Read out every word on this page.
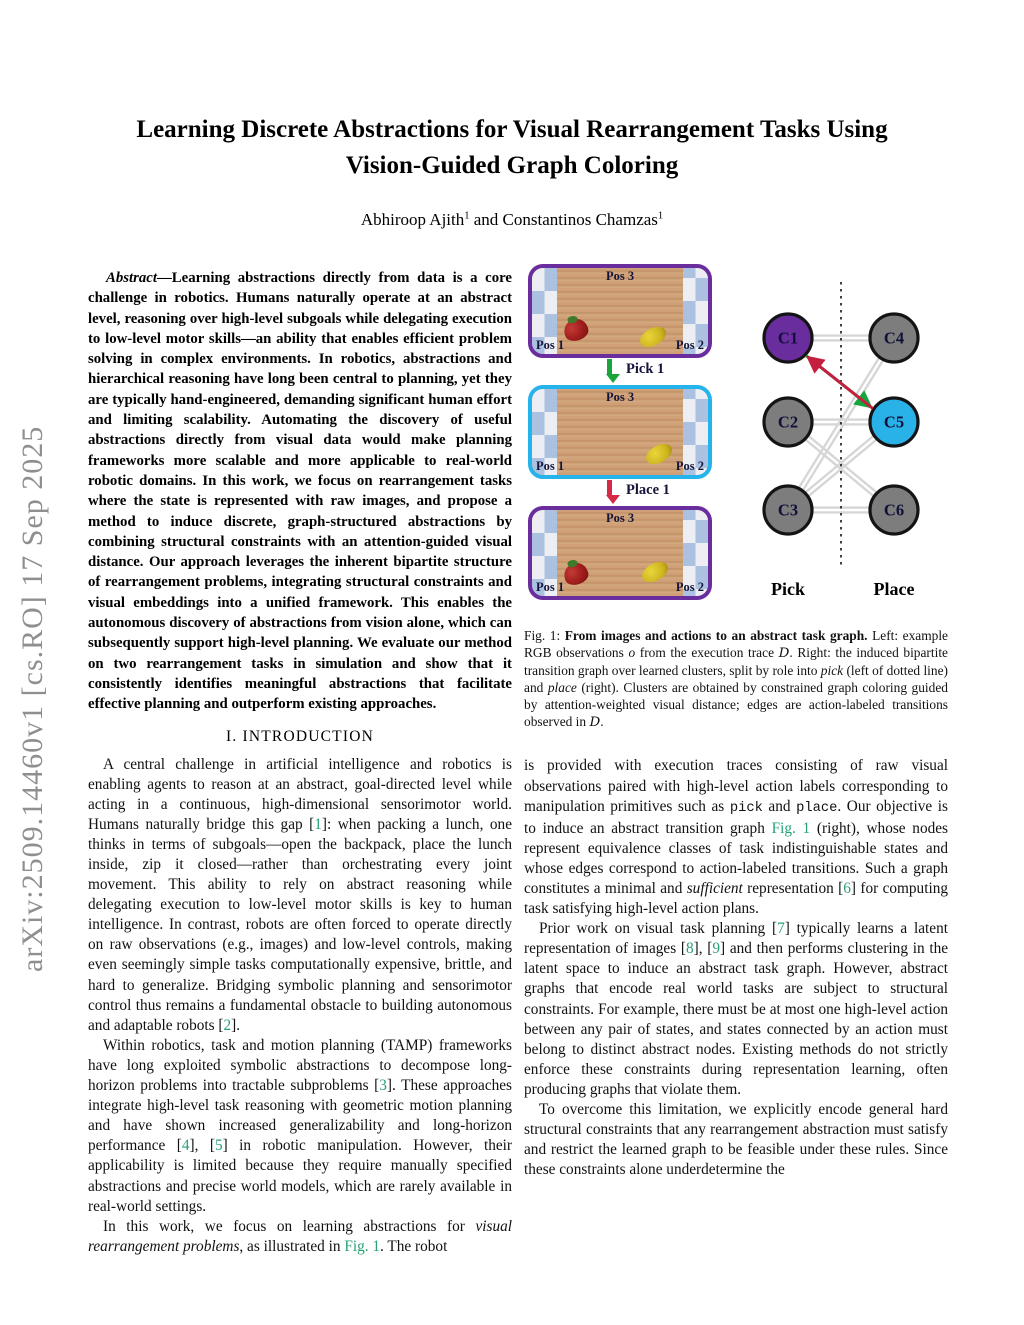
arXiv:2509.14460v1 [cs.RO] 17 Sep 2025
Learning Discrete Abstractions for Visual Rearrangement Tasks Using Vision-Guided Graph Coloring
Abhiroop Ajith$^1$ and Constantinos Chamzas$^1$

Abstract—Learning abstractions directly from data is a core challenge in robotics. Humans naturally operate at an abstract level, reasoning over high-level subgoals while delegating execution to low-level motor skills—an ability that enables efficient problem solving in complex environments. In robotics, abstractions and hierarchical reasoning have long been central to planning, yet they are typically hand-engineered, demanding significant human effort and limiting scalability. Automating the discovery of useful abstractions directly from visual data would make planning frameworks more scalable and more applicable to real-world robotic domains. In this work, we focus on rearrangement tasks where the state is represented with raw images, and propose a method to induce discrete, graph-structured abstractions by combining structural constraints with an attention-guided visual distance. Our approach leverages the inherent bipartite structure of rearrangement problems, integrating structural constraints and visual embeddings into a unified framework. This enables the autonomous discovery of abstractions from vision alone, which can subsequently support high-level planning. We evaluate our method on two rearrangement tasks in simulation and show that it consistently identifies meaningful abstractions that facilitate effective planning and outperform existing approaches.

I. INTRODUCTION

A central challenge in artificial intelligence and robotics is enabling agents to reason at an abstract, goal-directed level while acting in a continuous, high-dimensional sensorimotor world. Humans naturally bridge this gap [1]: when packing a lunch, one thinks in terms of subgoals—open the backpack, place the lunch inside, zip it closed—rather than orchestrating every joint movement. This ability to rely on abstract reasoning while delegating execution to low-level motor skills is key to human intelligence. In contrast, robots are often forced to operate directly on raw observations (e.g., images) and low-level controls, making even seemingly simple tasks computationally expensive, brittle, and hard to generalize. Bridging symbolic planning and sensorimotor control thus remains a fundamental obstacle to building autonomous and adaptable robots [2].

Within robotics, task and motion planning (TAMP) frameworks have long exploited symbolic abstractions to decompose long-horizon problems into tractable subproblems [3]. These approaches integrate high-level task reasoning with geometric motion planning and have shown increased generalizability and long-horizon performance [4], [5] in robotic manipulation. However, their applicability is limited because they require manually specified abstractions and precise world models, which are rarely available in real-world settings.

In this work, we focus on learning abstractions for visual rearrangement problems, as illustrated in Fig. 1. The robot

Pos 3
Pos 1	Pos 2
Pick 1
Pos 3
Pos 1	Pos 2
Place 1
Pos 3
Pos 1	Pos 2
C1
C2
C3
C4
C5
C6
Pick	Place

Fig. 1: From images and actions to an abstract task graph. Left: example RGB observations o from the execution trace D. Right: the induced bipartite transition graph over learned clusters, split by role into pick (left of dotted line) and place (right). Clusters are obtained by constrained graph coloring guided by attention-weighted visual distance; edges are action-labeled transitions observed in D.

is provided with execution traces consisting of raw visual observations paired with high-level action labels corresponding to manipulation primitives such as pick and place. Our objective is to induce an abstract transition graph Fig. 1 (right), whose nodes represent equivalence classes of task indistinguishable states and whose edges correspond to action-labeled transitions. Such a graph constitutes a minimal and sufficient representation [6] for computing task satisfying high-level action plans.

Prior work on visual task planning [7] typically learns a latent representation of images [8], [9] and then performs clustering in the latent space to induce an abstract task graph. However, abstract graphs that encode real world tasks are subject to structural constraints. For example, there must be at most one high-level action between any pair of states, and states connected by an action must belong to distinct abstract nodes. Existing methods do not strictly enforce these constraints during representation learning, often producing graphs that violate them.

To overcome this limitation, we explicitly encode general hard structural constraints that any rearrangement abstraction must satisfy and restrict the learned graph to be feasible under these rules. Since these constraints alone underdetermine the
